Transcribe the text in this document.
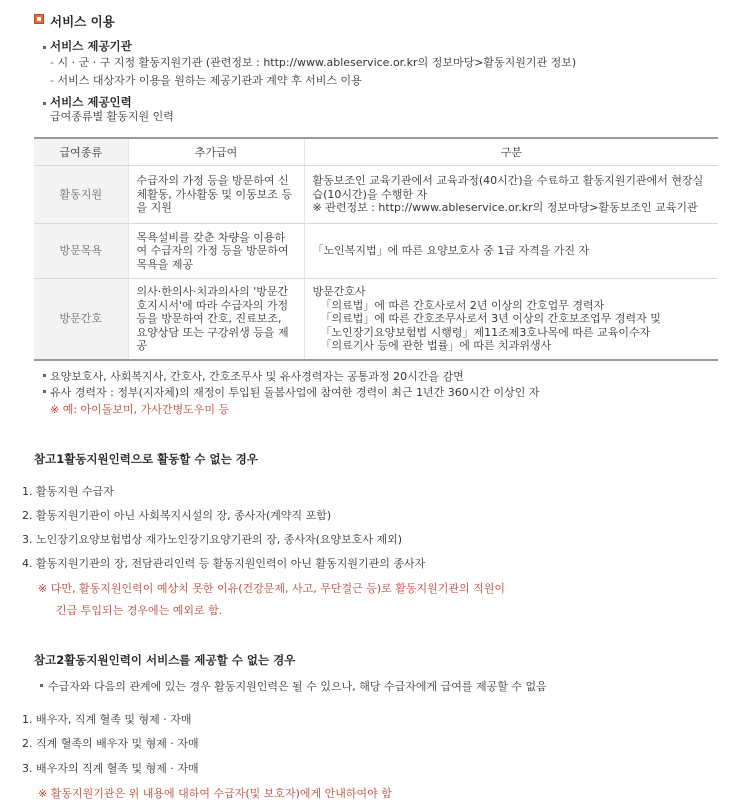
서비스 이용
서비스 제공기관
- 시 · 군 · 구 지정 활동지원기관 (관련정보 : http://www.ableservice.or.kr의 정보마당>활동지원기관 정보)
- 서비스 대상자가 이용을 원하는 제공기관과 계약 후 서비스 이용
서비스 제공인력
급여종류별 활동지원 인력
급여종류	추가급여	구분
활동지원	수급자의 가정 등을 방문하여 신체활동, 가사활동 및 이동보조 등을 지원	활동보조인 교육기관에서 교육과정(40시간)을 수료하고 활동지원기관에서 현장실습(10시간)을 수행한 자
※ 관련정보 : http://www.ableservice.or.kr의 정보마당>활동보조인 교육기관

방문목욕	목욕설비를 갖춘 차량을 이용하여 수급자의 가정 등을 방문하여 목욕을 제공	「노인복지법」에 따른 요양보호사 중 1급 자격을 가진 자

방문간호	의사·한의사·치과의사의 '방문간호지시서'에 따라 수급자의 가정 등을 방문하여 간호, 진료보조, 요양상담 또는 구강위생 등을 제공	방문간호사
「의료법」에 따른 간호사로서 2년 이상의 간호업무 경력자
「의료법」에 따른 간호조무사로서 3년 이상의 간호보조업무 경력자 및
「노인장기요양보험법 시행령」제11조제3호나목에 따른 교육이수자
「의료기사 등에 관한 법률」에 따른 치과위생사
요양보호사, 사회복지사, 간호사, 간호조무사 및 유사경력자는 공통과정 20시간을 감면
유사 경력자 : 정부(지자체)의 재정이 투입된 돌봄사업에 참여한 경력이 최근 1년간 360시간 이상인 자
※ 예: 아이돌보미, 가사간병도우미 등
참고1활동지원인력으로 활동할 수 없는 경우
1. 활동지원 수급자
2. 활동지원기관이 아닌 사회복지시설의 장, 종사자(계약직 포함)
3. 노인장기요양보험법상 재가노인장기요양기관의 장, 종사자(요양보호사 제외)
4. 활동지원기관의 장, 전담관리인력 등 활동지원인력이 아닌 활동지원기관의 종사자
※ 다만, 활동지원인력이 예상치 못한 이유(건강문제, 사고, 무단결근 등)로 활동지원기관의 직원이
긴급 투입되는 경우에는 예외로 함.
참고2활동지원인력이 서비스를 제공할 수 없는 경우
수급자와 다음의 관계에 있는 경우 활동지원인력은 될 수 있으나, 해당 수급자에게 급여를 제공할 수 없음
1. 배우자, 직계 혈족 및 형제 · 자매
2. 직계 혈족의 배우자 및 형제 · 자매
3. 배우자의 직계 혈족 및 형제 · 자매
※ 활동지원기관은 위 내용에 대하여 수급자(및 보호자)에게 안내하여야 함
